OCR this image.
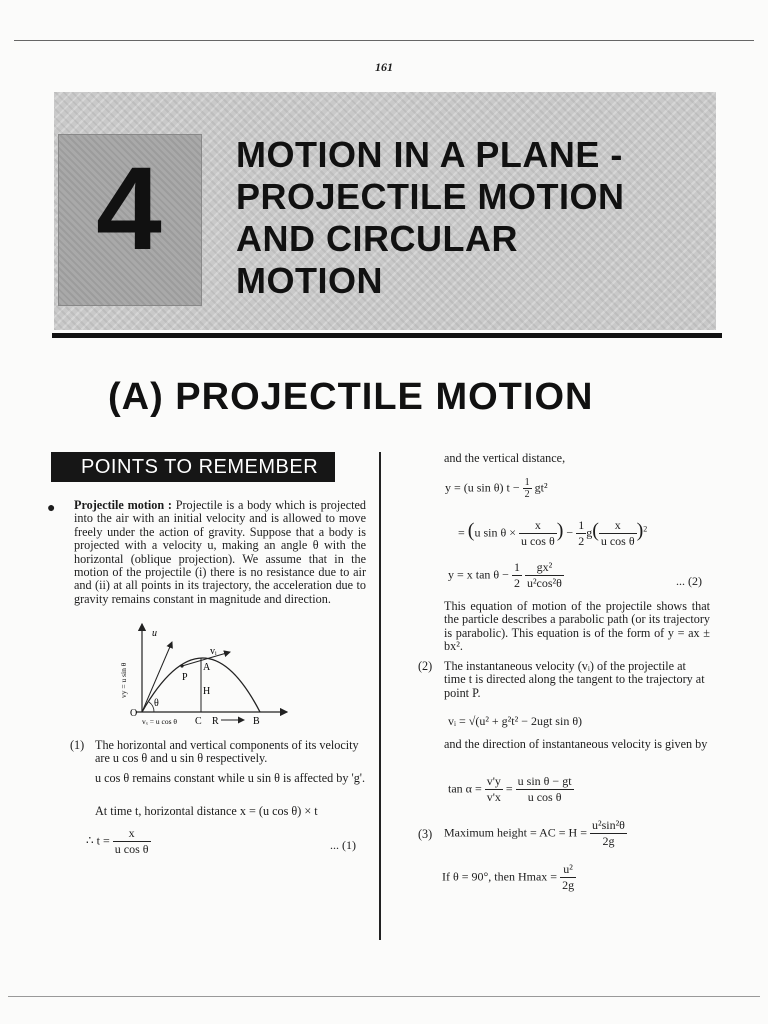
161
4	MOTION IN A PLANE -
PROJECTILE MOTION
AND CIRCULAR
MOTION
(A) PROJECTILE MOTION
POINTS TO REMEMBER
● Projectile motion : Projectile is a body which is projected into the air with an initial velocity and is allowed to move freely under the action of gravity. Suppose that a body is projected with a velocity u, making an angle θ with the horizontal (oblique projection). We assume that in the motion of the projectile (i) there is no resistance due to air and (ii) at all points in its trajectory, the acceleration due to gravity remains constant in magnitude and direction.
u
vᵢ
P
A
H
θ
O
vₓ = u cos θ C R	B
vy = u sin θ
(1) The horizontal and vertical components of its velocity are u cos θ and u sin θ respectively.
u cos θ remains constant while u sin θ is affected by 'g'.
At time t, horizontal distance x = (u cos θ) × t
∴ $t = \frac{x}{\text{u cos θ}}$	... (1)
and the vertical distance,
y = (u sin θ) $t - \frac{1}{2} gt^2$
= (u $\sin \theta \times \frac{x}{\text{u cos θ}}$ ) − $\frac{1}{2} g( \frac{x}{\text{u cos θ}} )^2$
y = x $\tan \theta - \frac{1}{2}$
$\frac{\text{gx²}}{\text{u²cos²θ}}$	... (2)
This equation of motion of the projectile shows that the particle describes a parabolic path (or its trajectory is parabolic). This equation is of the form of y = ax ± bx².
(2) The instantaneous velocity (vᵢ) of the projectile at time t is directed along the tangent to the trajectory at point P.
vᵢ = √(u² + g²t² − 2ugt sin θ)
and the direction of instantaneous velocity is given by
$\tan \alpha = \frac{v'y}{v'x} = \frac{\text{u sin θ − gt}}{\text{u cos θ}}$
(3) Maximum height = AC = $H = \frac{\text{u²sin²θ}}{2g}$
If θ = 90°, then $Hmax = \frac{\text{u²}}{2g}$
